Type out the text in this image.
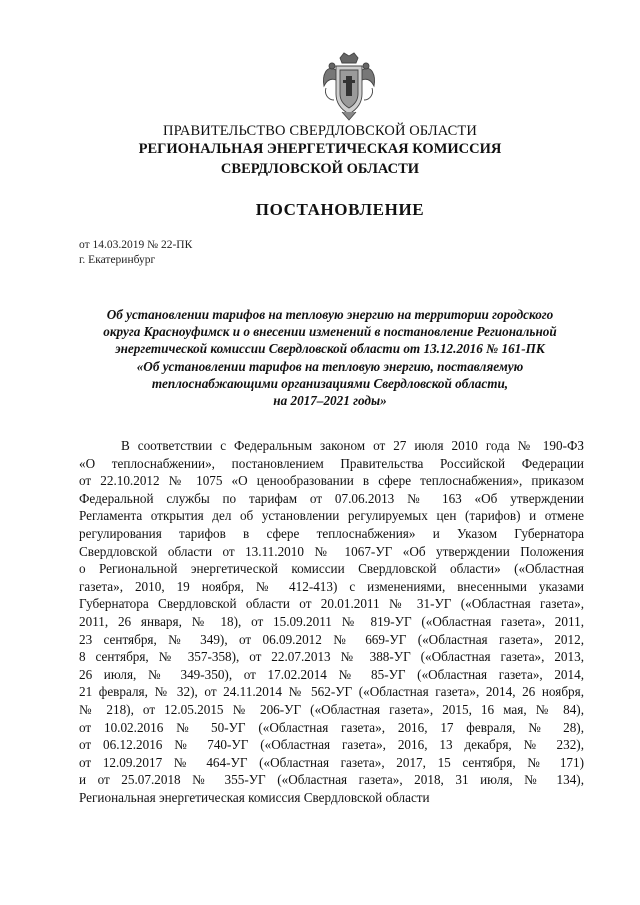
ПРАВИТЕЛЬСТВО СВЕРДЛОВСКОЙ ОБЛАСТИ
РЕГИОНАЛЬНАЯ ЭНЕРГЕТИЧЕСКАЯ КОМИССИЯ
СВЕРДЛОВСКОЙ ОБЛАСТИ
ПОСТАНОВЛЕНИЕ
от 14.03.2019 № 22-ПК
г. Екатеринбург
Об установлении тарифов на тепловую энергию на территории городского
округа Красноуфимск и о внесении изменений в постановление Региональной
энергетической комиссии Свердловской области от 13.12.2016 № 161-ПК
«Об установлении тарифов на тепловую энергию, поставляемую
теплоснабжающими организациями Свердловской области,
на 2017–2021 годы»
В соответствии с Федеральным законом от 27 июля 2010 года № 190-ФЗ
«О теплоснабжении», постановлением Правительства Российской Федерации
от 22.10.2012 № 1075 «О ценообразовании в сфере теплоснабжения», приказом
Федеральной службы по тарифам от 07.06.2013 № 163 «Об утверждении
Регламента открытия дел об установлении регулируемых цен (тарифов) и отмене
регулирования тарифов в сфере теплоснабжения» и Указом Губернатора
Свердловской области от 13.11.2010 № 1067-УГ «Об утверждении Положения
о Региональной энергетической комиссии Свердловской области» («Областная
газета», 2010, 19 ноября, № 412-413) с изменениями, внесенными указами
Губернатора Свердловской области от 20.01.2011 № 31-УГ («Областная газета»,
2011, 26 января, № 18), от 15.09.2011 № 819-УГ («Областная газета», 2011,
23 сентября, № 349), от 06.09.2012 № 669-УГ («Областная газета», 2012,
8 сентября, № 357-358), от 22.07.2013 № 388-УГ («Областная газета», 2013,
26 июля, № 349-350), от 17.02.2014 № 85-УГ («Областная газета», 2014,
21 февраля, № 32), от 24.11.2014 № 562-УГ («Областная газета», 2014, 26 ноября,
№ 218), от 12.05.2015 № 206-УГ («Областная газета», 2015, 16 мая, № 84),
от 10.02.2016 № 50-УГ («Областная газета», 2016, 17 февраля, № 28),
от 06.12.2016 № 740-УГ («Областная газета», 2016, 13 декабря, № 232),
от 12.09.2017 № 464-УГ («Областная газета», 2017, 15 сентября, № 171)
и от 25.07.2018 № 355-УГ («Областная газета», 2018, 31 июля, № 134),
Региональная энергетическая комиссия Свердловской области
